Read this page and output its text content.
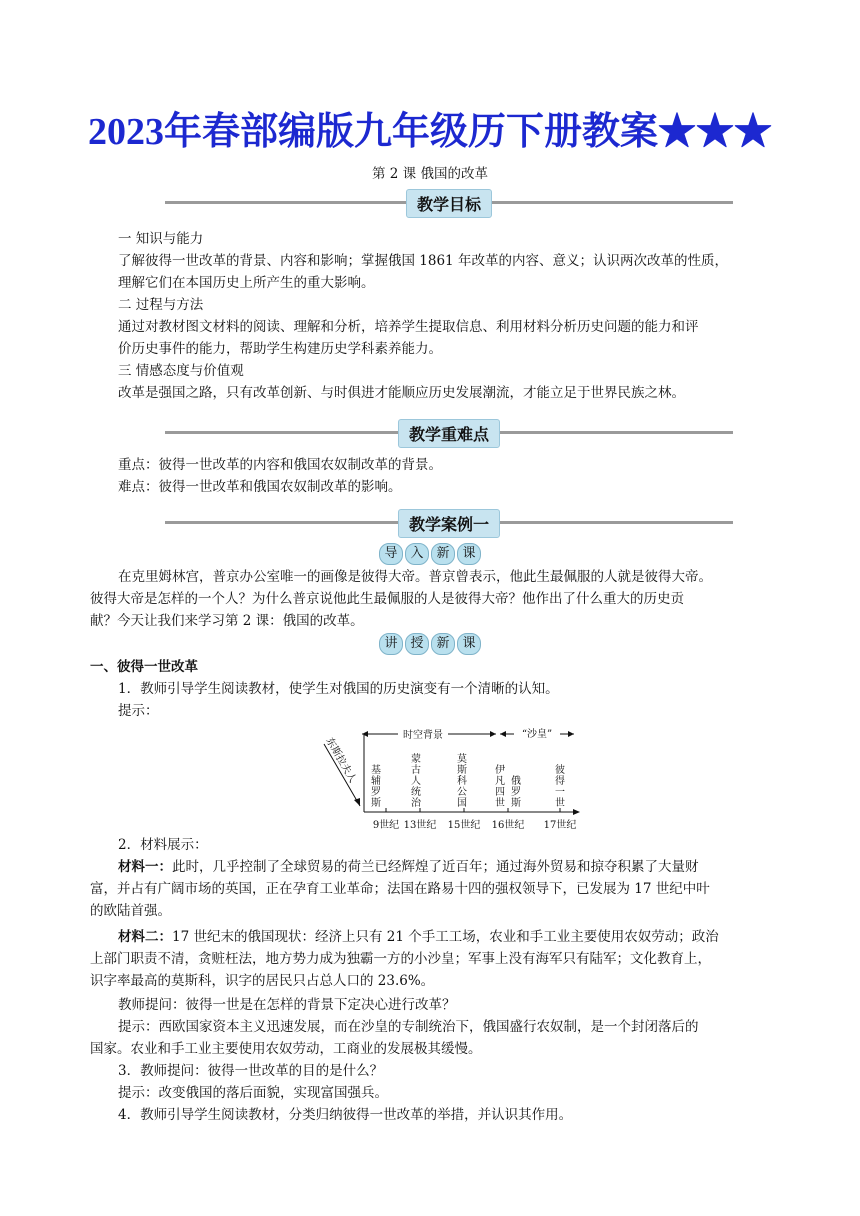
2023年春部编版九年级历下册教案★★★
第 2 课 俄国的改革
教学目标
一 知识与能力
了解彼得一世改革的背景、内容和影响；掌握俄国 1861 年改革的内容、意义；认识两次改革的性质，
理解它们在本国历史上所产生的重大影响。
二 过程与方法
通过对教材图文材料的阅读、理解和分析，培养学生提取信息、利用材料分析历史问题的能力和评
价历史事件的能力，帮助学生构建历史学科素养能力。
三 情感态度与价值观
改革是强国之路，只有改革创新、与时俱进才能顺应历史发展潮流，才能立足于世界民族之林。
教学重难点
重点：彼得一世改革的内容和俄国农奴制改革的背景。
难点：彼得一世改革和俄国农奴制改革的影响。
教学案例一
导 入 新 课
在克里姆林宫，普京办公室唯一的画像是彼得大帝。普京曾表示，他此生最佩服的人就是彼得大帝。
彼得大帝是怎样的一个人？为什么普京说他此生最佩服的人是彼得大帝？他作出了什么重大的历史贡
献？今天让我们来学习第 2 课：俄国的改革。
讲 授 新 课
一、彼得一世改革
1．教师引导学生阅读教材，使学生对俄国的历史演变有一个清晰的认知。
提示：
时空背景	“沙皇”
东斯拉夫人 基辅罗斯
蒙古人统治
莫斯科公国
伊凡四世
俄罗斯
彼得一世
9世纪 13世纪 15世纪 16世纪 17世纪
2．材料展示：
材料一：此时，几乎控制了全球贸易的荷兰已经辉煌了近百年；通过海外贸易和掠夺积累了大量财
富，并占有广阔市场的英国，正在孕育工业革命；法国在路易十四的强权领导下，已发展为 17 世纪中叶
的欧陆首强。
材料二：17 世纪末的俄国现状：经济上只有 21 个手工工场，农业和手工业主要使用农奴劳动；政治
上部门职责不清，贪赃枉法，地方势力成为独霸一方的小沙皇；军事上没有海军只有陆军；文化教育上，
识字率最高的莫斯科，识字的居民只占总人口的 23.6%。
教师提问：彼得一世是在怎样的背景下定决心进行改革？
提示：西欧国家资本主义迅速发展，而在沙皇的专制统治下，俄国盛行农奴制，是一个封闭落后的
国家。农业和手工业主要使用农奴劳动，工商业的发展极其缓慢。
3．教师提问：彼得一世改革的目的是什么？
提示：改变俄国的落后面貌，实现富国强兵。
4．教师引导学生阅读教材，分类归纳彼得一世改革的举措，并认识其作用。
